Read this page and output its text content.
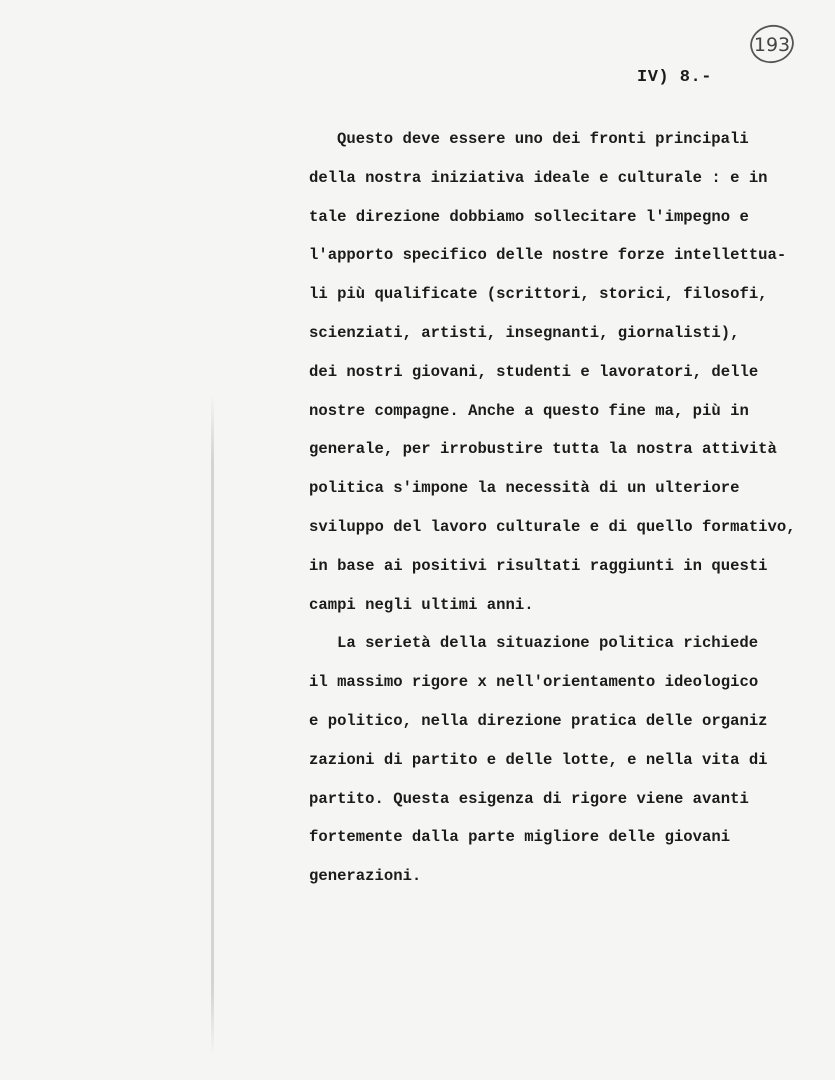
193
IV) 8.-
Questo deve essere uno dei fronti principali
della nostra iniziativa ideale e culturale : e in
tale direzione dobbiamo sollecitare l'impegno e
l'apporto specifico delle nostre forze intellettua-
li più qualificate (scrittori, storici, filosofi,
scienziati, artisti, insegnanti, giornalisti),
dei nostri giovani, studenti e lavoratori, delle
nostre compagne. Anche a questo fine ma, più in
generale, per irrobustire tutta la nostra attività
politica s'impone la necessità di un ulteriore
sviluppo del lavoro culturale e di quello formativo,
in base ai positivi risultati raggiunti in questi
campi negli ultimi anni.
La serietà della situazione politica richiede
il massimo rigore x nell'orientamento ideologico
e politico, nella direzione pratica delle organiz
zazioni di partito e delle lotte, e nella vita di
partito. Questa esigenza di rigore viene avanti
fortemente dalla parte migliore delle giovani
generazioni.
